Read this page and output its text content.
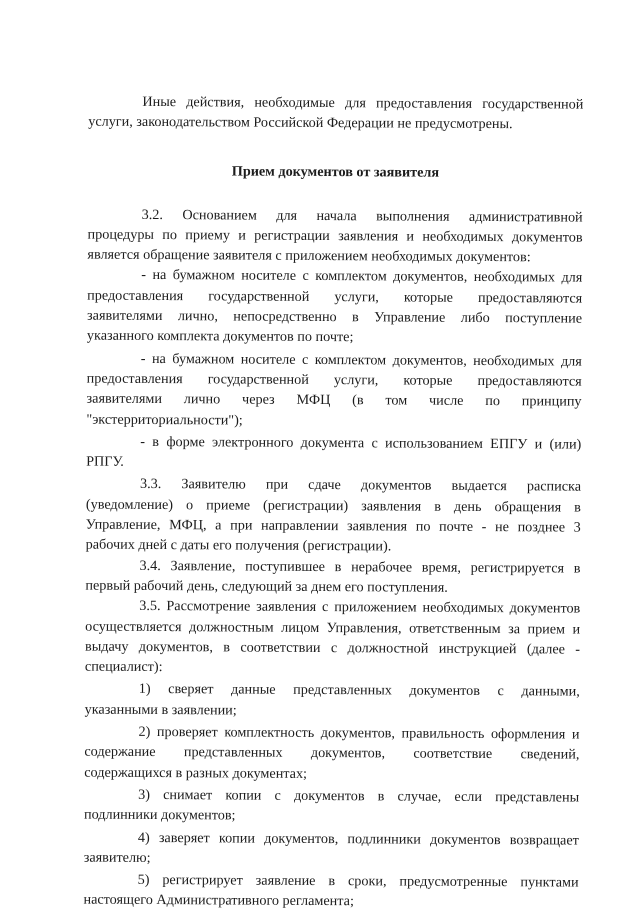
Иные действия, необходимые для предоставления государственной

услуги, законодательством Российской Федерации не предусмотрены.

Прием документов от заявителя

3.2. Основанием для начала выполнения административной

процедуры по приему и регистрации заявления и необходимых документов

является обращение заявителя с приложением необходимых документов:

- на бумажном носителе с комплектом документов, необходимых для

предоставления государственной услуги, которые предоставляются

заявителями лично, непосредственно в Управление либо поступление

указанного комплекта документов по почте;

- на бумажном носителе с комплектом документов, необходимых для

предоставления государственной услуги, которые предоставляются

заявителями лично через МФЦ (в том числе по принципу

"экстерриториальности");

- в форме электронного документа с использованием ЕПГУ и (или)

РПГУ.

3.3. Заявителю при сдаче документов выдается расписка

(уведомление) о приеме (регистрации) заявления в день обращения в

Управление, МФЦ, а при направлении заявления по почте - не позднее 3

рабочих дней с даты его получения (регистрации).

3.4. Заявление, поступившее в нерабочее время, регистрируется в

первый рабочий день, следующий за днем его поступления.

3.5. Рассмотрение заявления с приложением необходимых документов

осуществляется должностным лицом Управления, ответственным за прием и

выдачу документов, в соответствии с должностной инструкцией (далее -

специалист):

1) сверяет данные представленных документов с данными,

указанными в заявлении;

2) проверяет комплектность документов, правильность оформления и

содержание представленных документов, соответствие сведений,

содержащихся в разных документах;

3) снимает копии с документов в случае, если представлены

подлинники документов;

4) заверяет копии документов, подлинники документов возвращает

заявителю;

5) регистрирует заявление в сроки, предусмотренные пунктами

настоящего Административного регламента;
